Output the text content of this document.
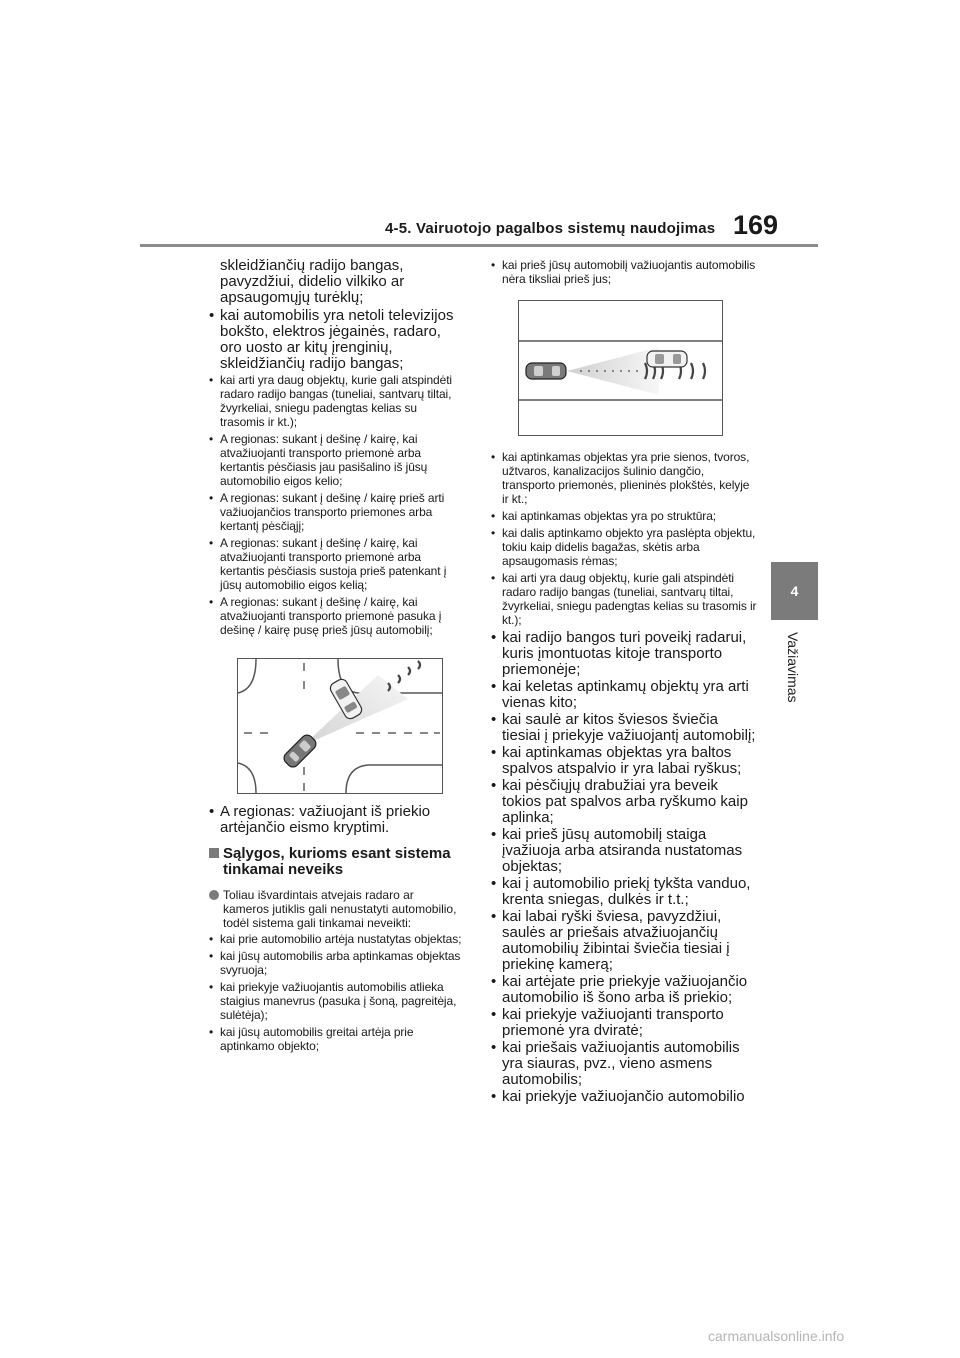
4-5. Vairuotojo pagalbos sistemų naudojimas 169
4
Važiavimas

skleidžiančių radijo bangas, pavyzdžiui, didelio vilkiko ar apsaugomųjų turėklų;

• kai automobilis yra netoli televizijos bokšto, elektros jėgainės, radaro, oro uosto ar kitų įrenginių, skleidžiančių radijo bangas;
• kai arti yra daug objektų, kurie gali atspindėti radaro radijo bangas (tuneliai, santvarų tiltai, žvyrkeliai, sniegu padengtas kelias su trasomis ir kt.);
• A regionas: sukant į dešinę / kairę, kai atvažiuojanti transporto priemonė arba kertantis pėsčiasis jau pasišalino iš jūsų automobilio eigos kelio;
• A regionas: sukant į dešinę / kairę prieš arti važiuojančios transporto priemones arba kertantį pėsčiąjį;
• A regionas: sukant į dešinę / kairę, kai atvažiuojanti transporto priemonė arba kertantis pėsčiasis sustoja prieš patenkant į jūsų automobilio eigos kelią;
• A regionas: sukant į dešinę / kairę, kai atvažiuojanti transporto priemonė pasuka į dešinę / kairę pusę prieš jūsų automobilį;
• A regionas: važiuojant iš priekio artėjančio eismo kryptimi.
Sąlygos, kurioms esant sistema tinkamai neveiks
Toliau išvardintais atvejais radaro ar kameros jutiklis gali nenustatyti automobilio, todėl sistema gali tinkamai neveikti:
• kai prie automobilio artėja nustatytas objektas;
• kai jūsų automobilis arba aptinkamas objektas svyruoja;
• kai priekyje važiuojantis automobilis atlieka staigius manevrus (pasuka į šoną, pagreitėja, sulėtėja);
• kai jūsų automobilis greitai artėja prie aptinkamo objekto;
• kai prieš jūsų automobilį važiuojantis automobilis nėra tiksliai prieš jus;
• kai aptinkamas objektas yra prie sienos, tvoros, užtvaros, kanalizacijos šulinio dangčio, transporto priemonės, plieninės plokštės, kelyje ir kt.;
• kai aptinkamas objektas yra po struktūra;
• kai dalis aptinkamo objekto yra paslėpta objektu, tokiu kaip didelis bagažas, skėtis arba apsaugomasis rėmas;
• kai arti yra daug objektų, kurie gali atspindėti radaro radijo bangas (tuneliai, santvarų tiltai, žvyrkeliai, sniegu padengtas kelias su trasomis ir kt.);
• kai radijo bangos turi poveikį radarui, kuris įmontuotas kitoje transporto priemonėje;
• kai keletas aptinkamų objektų yra arti vienas kito;
• kai saulė ar kitos šviesos šviečia tiesiai į priekyje važiuojantį automobilį;
• kai aptinkamas objektas yra baltos spalvos atspalvio ir yra labai ryškus;
• kai pėsčiųjų drabužiai yra beveik tokios pat spalvos arba ryškumo kaip aplinka;
• kai prieš jūsų automobilį staiga įvažiuoja arba atsiranda nustatomas objektas;
• kai į automobilio priekį tykšta vanduo, krenta sniegas, dulkės ir t.t.;
• kai labai ryški šviesa, pavyzdžiui, saulės ar priešais atvažiuojančių automobilių žibintai šviečia tiesiai į priekinę kamerą;
• kai artėjate prie priekyje važiuojančio automobilio iš šono arba iš priekio;
• kai priekyje važiuojanti transporto priemonė yra dviratė;
• kai priešais važiuojantis automobilis yra siauras, pvz., vieno asmens automobilis;
• kai priekyje važiuojančio automobilio
carmanualsonline.info
